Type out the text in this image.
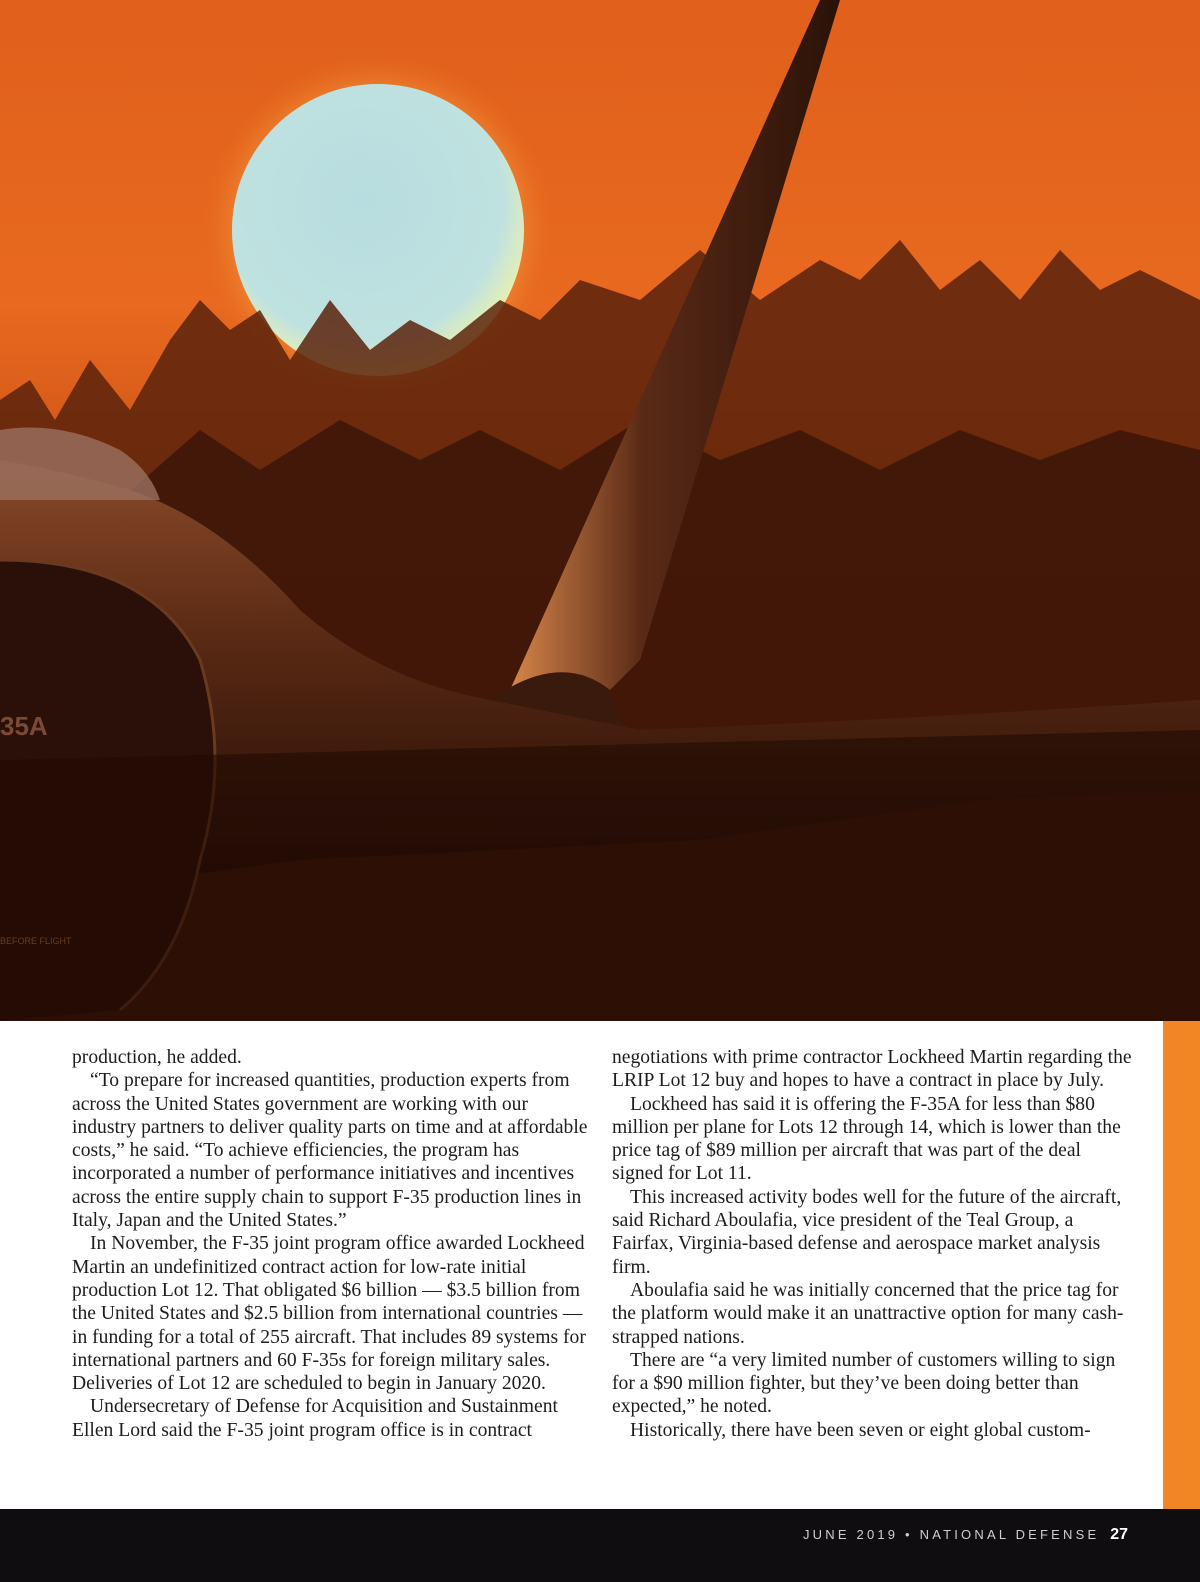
35A
BEFORE FLIGHT

production, he added.

“To prepare for increased quantities, production experts from across the United States government are working with our industry partners to deliver quality parts on time and at affordable costs,” he said. “To achieve efficiencies, the program has incorporated a number of performance initiatives and incentives across the entire supply chain to support F-35 production lines in Italy, Japan and the United States.”

In November, the F-35 joint program office awarded Lockheed Martin an undefinitized contract action for low-rate initial production Lot 12. That obligated $6 billion — $3.5 billion from the United States and $2.5 billion from international countries — in funding for a total of 255 aircraft. That includes 89 systems for international partners and 60 F-35s for foreign military sales. Deliveries of Lot 12 are scheduled to begin in January 2020.

Undersecretary of Defense for Acquisition and Sustainment Ellen Lord said the F-35 joint program office is in contract

negotiations with prime contractor Lockheed Martin regarding the LRIP Lot 12 buy and hopes to have a contract in place by July.

Lockheed has said it is offering the F-35A for less than $80 million per plane for Lots 12 through 14, which is lower than the price tag of $89 million per aircraft that was part of the deal signed for Lot 11.

This increased activity bodes well for the future of the aircraft, said Richard Aboulafia, vice president of the Teal Group, a Fairfax, Virginia-based defense and aerospace market analysis firm.

Aboulafia said he was initially concerned that the price tag for the platform would make it an unattractive option for many cash-strapped nations.

There are “a very limited number of customers willing to sign for a $90 million fighter, but they’ve been doing better than expected,” he noted.

Historically, there have been seven or eight global custom-

JUNE 2019 • NATIONAL DEFENSE 27
